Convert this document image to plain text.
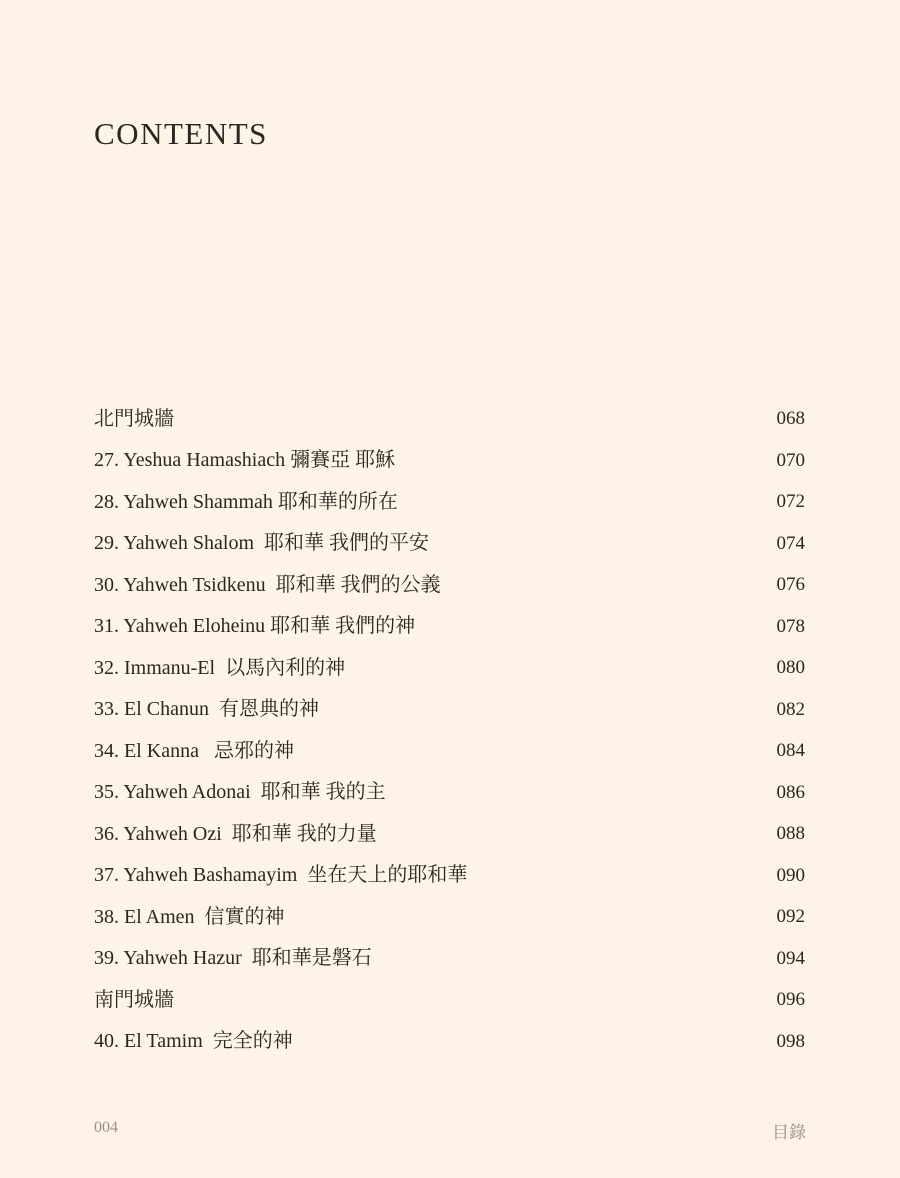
CONTENTS
北門城牆	068
27. Yeshua Hamashiach 彌賽亞 耶穌	070
28. Yahweh Shammah 耶和華的所在	072
29. Yahweh Shalom  耶和華 我們的平安	074
30. Yahweh Tsidkenu  耶和華 我們的公義	076
31. Yahweh Eloheinu 耶和華 我們的神	078
32. Immanu-El  以馬內利的神	080
33. El Chanun  有恩典的神	082
34. El Kanna   忌邪的神	084
35. Yahweh Adonai  耶和華 我的主	086
36. Yahweh Ozi  耶和華 我的力量	088
37. Yahweh Bashamayim  坐在天上的耶和華	090
38. El Amen  信實的神	092
39. Yahweh Hazur  耶和華是磐石	094
南門城牆	096
40. El Tamim  完全的神	098
004	目錄
